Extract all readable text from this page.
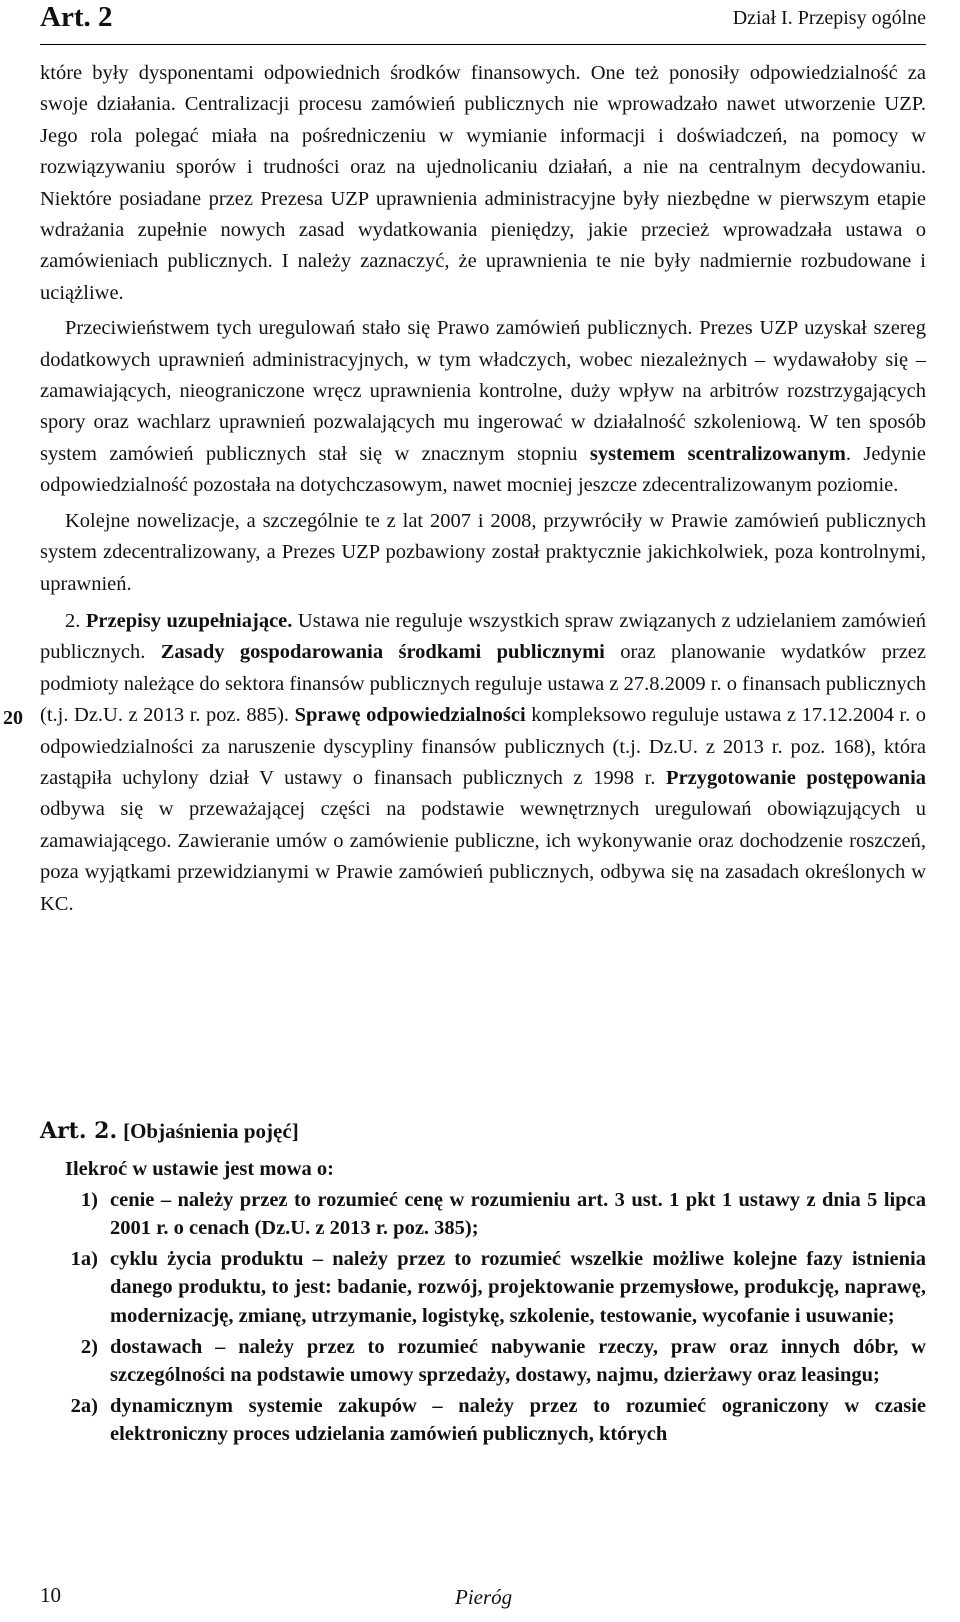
Art. 2	Dział I. Przepisy ogólne

które były dysponentami odpowiednich środków finansowych. One też ponosiły odpowiedzialność za swoje działania. Centralizacji procesu zamówień publicznych nie wprowadzało nawet utworzenie UZP. Jego rola polegać miała na pośredniczeniu w wymianie informacji i doświadczeń, na pomocy w rozwiązywaniu sporów i trudności oraz na ujednolicaniu działań, a nie na centralnym decydowaniu. Niektóre posiadane przez Prezesa UZP uprawnienia administracyjne były niezbędne w pierwszym etapie wdrażania zupełnie nowych zasad wydatkowania pieniędzy, jakie przecież wprowadzała ustawa o zamówieniach publicznych. I należy zaznaczyć, że uprawnienia te nie były nadmiernie rozbudowane i uciążliwe.

Przeciwieństwem tych uregulowań stało się Prawo zamówień publicznych. Prezes UZP uzyskał szereg dodatkowych uprawnień administracyjnych, w tym władczych, wobec niezależnych – wydawałoby się – zamawiających, nieograniczone wręcz uprawnienia kontrolne, duży wpływ na arbitrów rozstrzygających spory oraz wachlarz uprawnień pozwalających mu ingerować w działalność szkoleniową. W ten sposób system zamówień publicznych stał się w znacznym stopniu systemem scentralizowanym. Jedynie odpowiedzialność pozostała na dotychczasowym, nawet mocniej jeszcze zdecentralizowanym poziomie.

Kolejne nowelizacje, a szczególnie te z lat 2007 i 2008, przywróciły w Prawie zamówień publicznych system zdecentralizowany, a Prezes UZP pozbawiony został praktycznie jakichkolwiek, poza kontrolnymi, uprawnień.

2. Przepisy uzupełniające. Ustawa nie reguluje wszystkich spraw związanych z udzielaniem zamówień publicznych. Zasady gospodarowania środkami publicznymi oraz planowanie wydatków przez podmioty należące do sektora finansów publicznych reguluje ustawa z 27.8.2009 r. o finansach publicznych (t.j. Dz.U. z 2013 r. poz. 885). Sprawę odpowiedzialności kompleksowo reguluje ustawa z 17.12.2004 r. o odpowiedzialności za naruszenie dyscypliny finansów publicznych (t.j. Dz.U. z 2013 r. poz. 168), która zastąpiła uchylony dział V ustawy o finansach publicznych z 1998 r. Przygotowanie postępowania odbywa się w przeważającej części na podstawie wewnętrznych uregulowań obowiązujących u zamawiającego. Zawieranie umów o zamówienie publiczne, ich wykonywanie oraz dochodzenie roszczeń, poza wyjątkami przewidzianymi w Prawie zamówień publicznych, odbywa się na zasadach określonych w KC.

20
Art. 2. [Objaśnienia pojęć]

Ilekroć w ustawie jest mowa o:

1) cenie – należy przez to rozumieć cenę w rozumieniu art. 3 ust. 1 pkt 1 ustawy z dnia 5 lipca 2001 r. o cenach (Dz.U. z 2013 r. poz. 385);
1a) cyklu życia produktu – należy przez to rozumieć wszelkie możliwe kolejne fazy istnienia danego produktu, to jest: badanie, rozwój, projektowanie przemysłowe, produkcję, naprawę, modernizację, zmianę, utrzymanie, logistykę, szkolenie, testowanie, wycofanie i usuwanie;
2) dostawach – należy przez to rozumieć nabywanie rzeczy, praw oraz innych dóbr, w szczególności na podstawie umowy sprzedaży, dostawy, najmu, dzierżawy oraz leasingu;
2a) dynamicznym systemie zakupów – należy przez to rozumieć ograniczony w czasie elektroniczny proces udzielania zamówień publicznych, których
10	Pieróg
